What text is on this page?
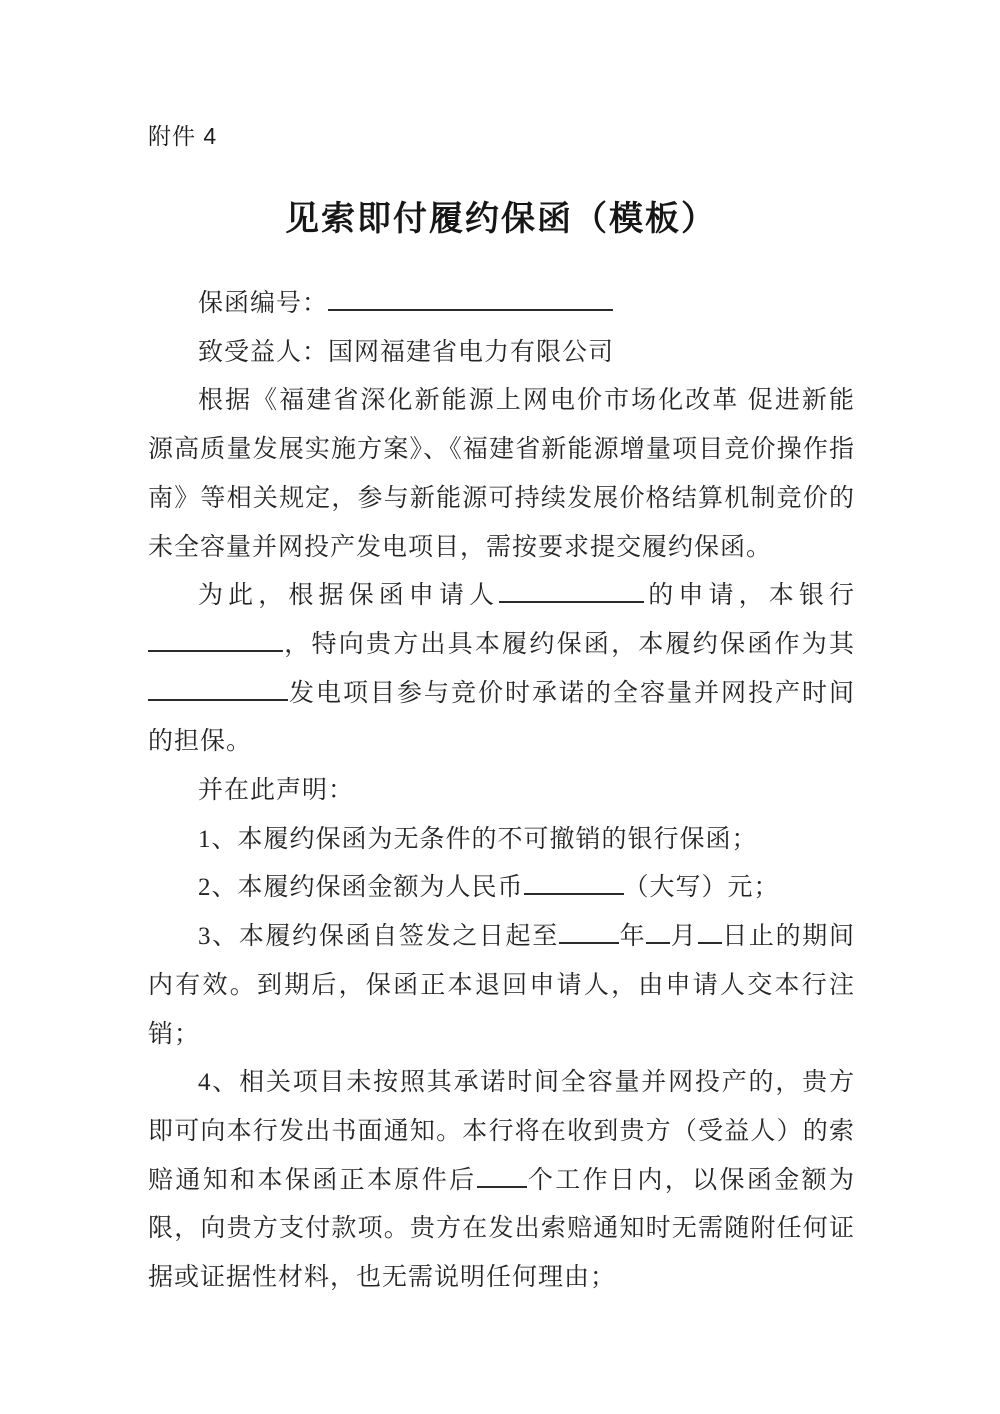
附件 4
见索即付履约保函（模板）

保函编号：

致受益人：国网福建省电力有限公司

根据《福建省深化新能源上网电价市场化改革 促进新能源高质量发展实施方案》、《福建省新能源增量项目竞价操作指南》等相关规定，参与新能源可持续发展价格结算机制竞价的未全容量并网投产发电项目，需按要求提交履约保函。

为此，根据保函申请人	的申请，本银行，特向贵方出具本履约保函，本履约保函作为其发电项目参与竞价时承诺的全容量并网投产时间的担保。

并在此声明：

1、本履约保函为无条件的不可撤销的银行保函；

2、本履约保函金额为人民币	（大写）元；

3、本履约保函自签发之日起至 年 月 日止的期间内有效。到期后，保函正本退回申请人，由申请人交本行注销；

4、相关项目未按照其承诺时间全容量并网投产的，贵方即可向本行发出书面通知。本行将在收到贵方（受益人）的索赔通知和本保函正本原件后 个工作日内，以保函金额为限，向贵方支付款项。贵方在发出索赔通知时无需随附任何证据或证据性材料，也无需说明任何理由；
